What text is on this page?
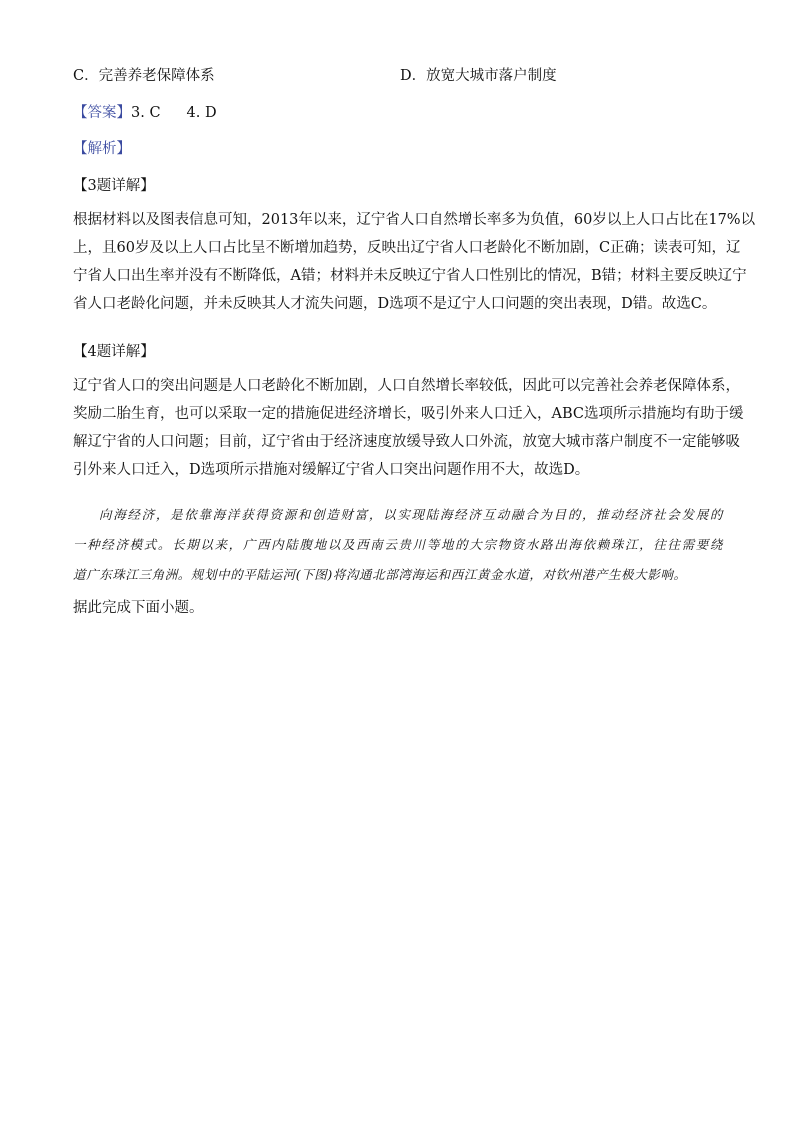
C．完善养老保障体系	D．放宽大城市落户制度
【答案】3. C 4. D
【解析】
【3题详解】
根据材料以及图表信息可知，2013年以来，辽宁省人口自然增长率多为负值，60岁以上人口占比在17%以
上，且60岁及以上人口占比呈不断增加趋势，反映出辽宁省人口老龄化不断加剧，C正确；读表可知，辽
宁省人口出生率并没有不断降低，A错；材料并未反映辽宁省人口性别比的情况，B错；材料主要反映辽宁
省人口老龄化问题，并未反映其人才流失问题，D选项不是辽宁人口问题的突出表现，D错。故选C。
【4题详解】
辽宁省人口的突出问题是人口老龄化不断加剧，人口自然增长率较低，因此可以完善社会养老保障体系，
奖励二胎生育，也可以采取一定的措施促进经济增长，吸引外来人口迁入，ABC选项所示措施均有助于缓
解辽宁省的人口问题；目前，辽宁省由于经济速度放缓导致人口外流，放宽大城市落户制度不一定能够吸
引外来人口迁入，D选项所示措施对缓解辽宁省人口突出问题作用不大，故选D。
向海经济，是依靠海洋获得资源和创造财富，以实现陆海经济互动融合为目的，推动经济社会发展的
一种经济模式。长期以来，广西内陆腹地以及西南云贵川等地的大宗物资水路出海依赖珠江，往往需要绕
道广东珠江三角洲。规划中的平陆运河(下图)将沟通北部湾海运和西江黄金水道，对钦州港产生极大影响。
据此完成下面小题。
